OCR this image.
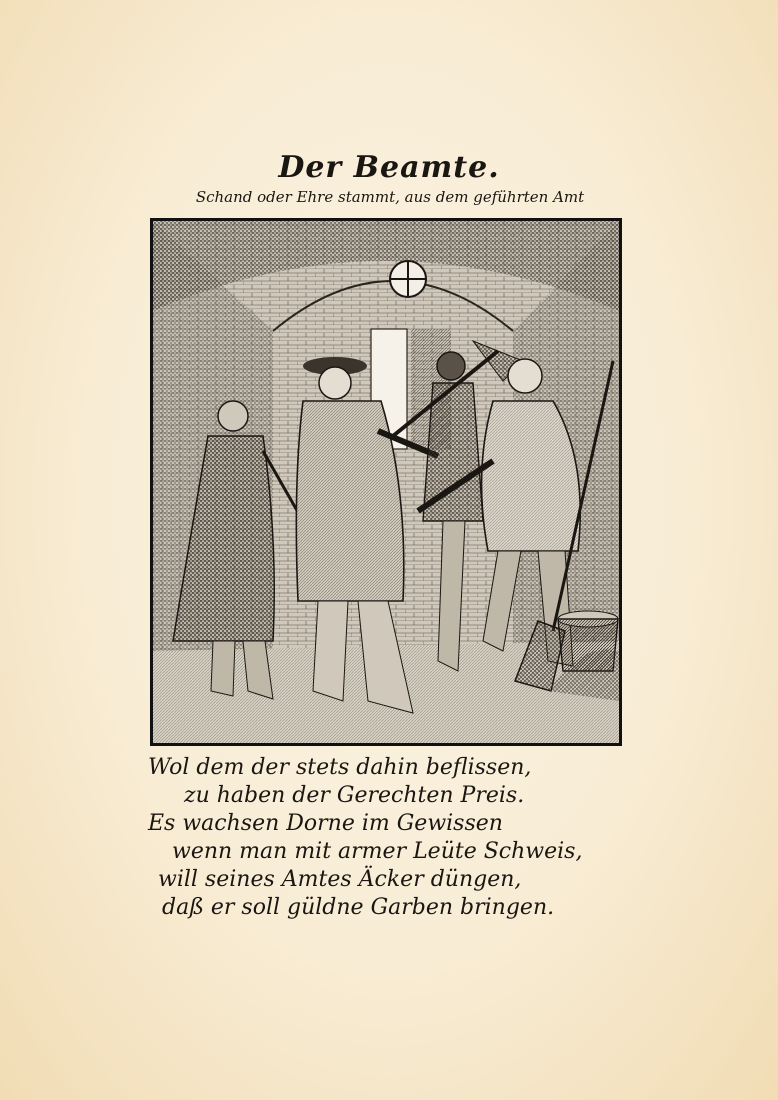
Der Beamte.
Schand oder Ehre stammt, aus dem geführten Amt
Wol dem der stets dahin beflissen,
zu haben der Gerechten Preis.
Es wachsen Dorne im Gewissen
wenn man mit armer Leüte Schweis,
will seines Amtes Äcker düngen,
daß er soll güldne Garben bringen.
